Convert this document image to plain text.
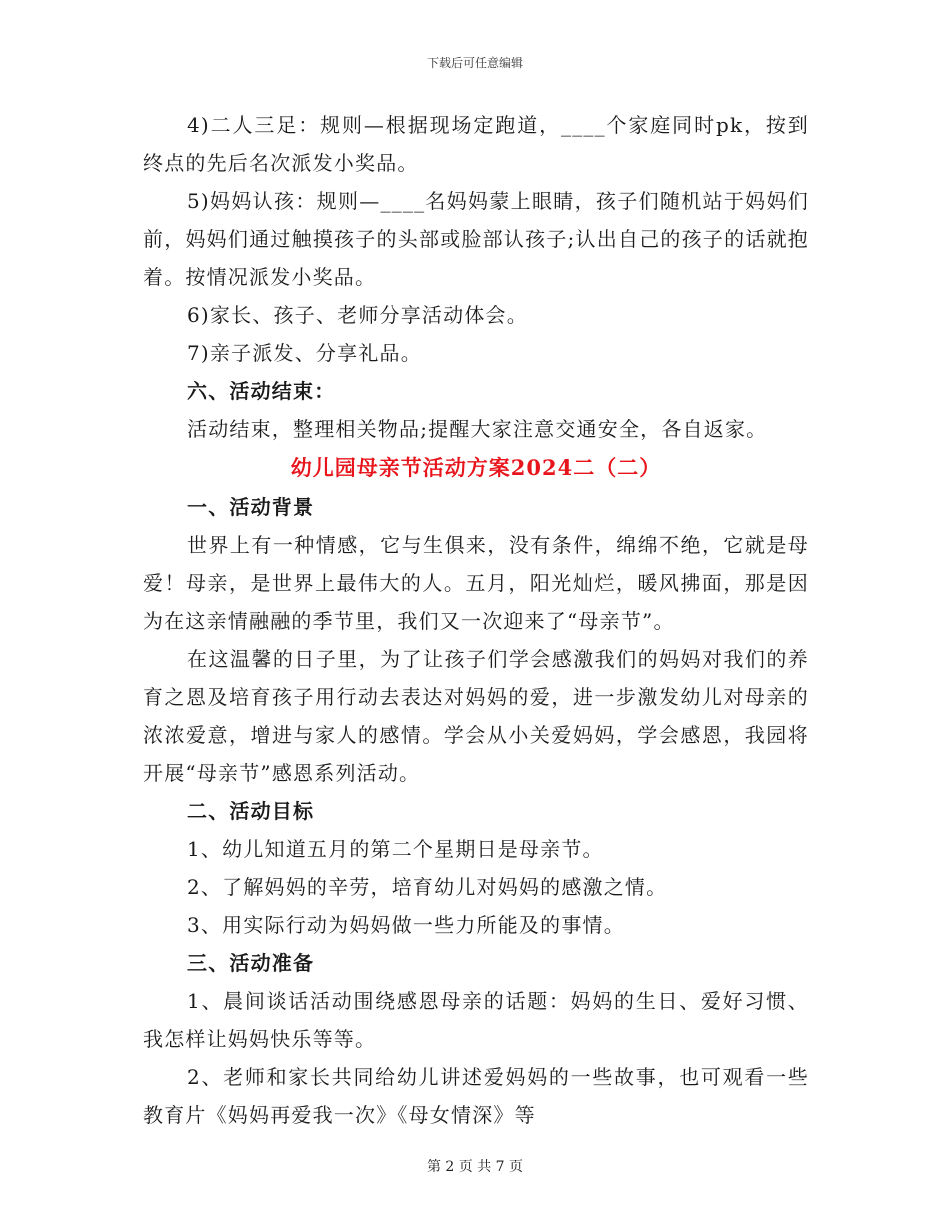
下载后可任意编辑

4)二人三足：规则—根据现场定跑道，____个家庭同时pk，按到终点的先后名次派发小奖品。

5)妈妈认孩：规则—____名妈妈蒙上眼睛，孩子们随机站于妈妈们前，妈妈们通过触摸孩子的头部或脸部认孩子;认出自己的孩子的话就抱着。按情况派发小奖品。

6)家长、孩子、老师分享活动体会。

7)亲子派发、分享礼品。

六、活动结束：

活动结束，整理相关物品;提醒大家注意交通安全，各自返家。

幼儿园母亲节活动方案2024二（二）

一、活动背景

世界上有一种情感，它与生俱来，没有条件，绵绵不绝，它就是母爱！母亲，是世界上最伟大的人。五月，阳光灿烂，暖风拂面，那是因为在这亲情融融的季节里，我们又一次迎来了“母亲节”。

在这温馨的日子里，为了让孩子们学会感激我们的妈妈对我们的养育之恩及培育孩子用行动去表达对妈妈的爱，进一步激发幼儿对母亲的浓浓爱意，增进与家人的感情。学会从小关爱妈妈，学会感恩，我园将开展“母亲节”感恩系列活动。

二、活动目标

1、幼儿知道五月的第二个星期日是母亲节。

2、了解妈妈的辛劳，培育幼儿对妈妈的感激之情。

3、用实际行动为妈妈做一些力所能及的事情。

三、活动准备

1、晨间谈话活动围绕感恩母亲的话题：妈妈的生日、爱好习惯、我怎样让妈妈快乐等等。

2、老师和家长共同给幼儿讲述爱妈妈的一些故事，也可观看一些教育片《妈妈再爱我一次》《母女情深》等

第 2 页 共 7 页
